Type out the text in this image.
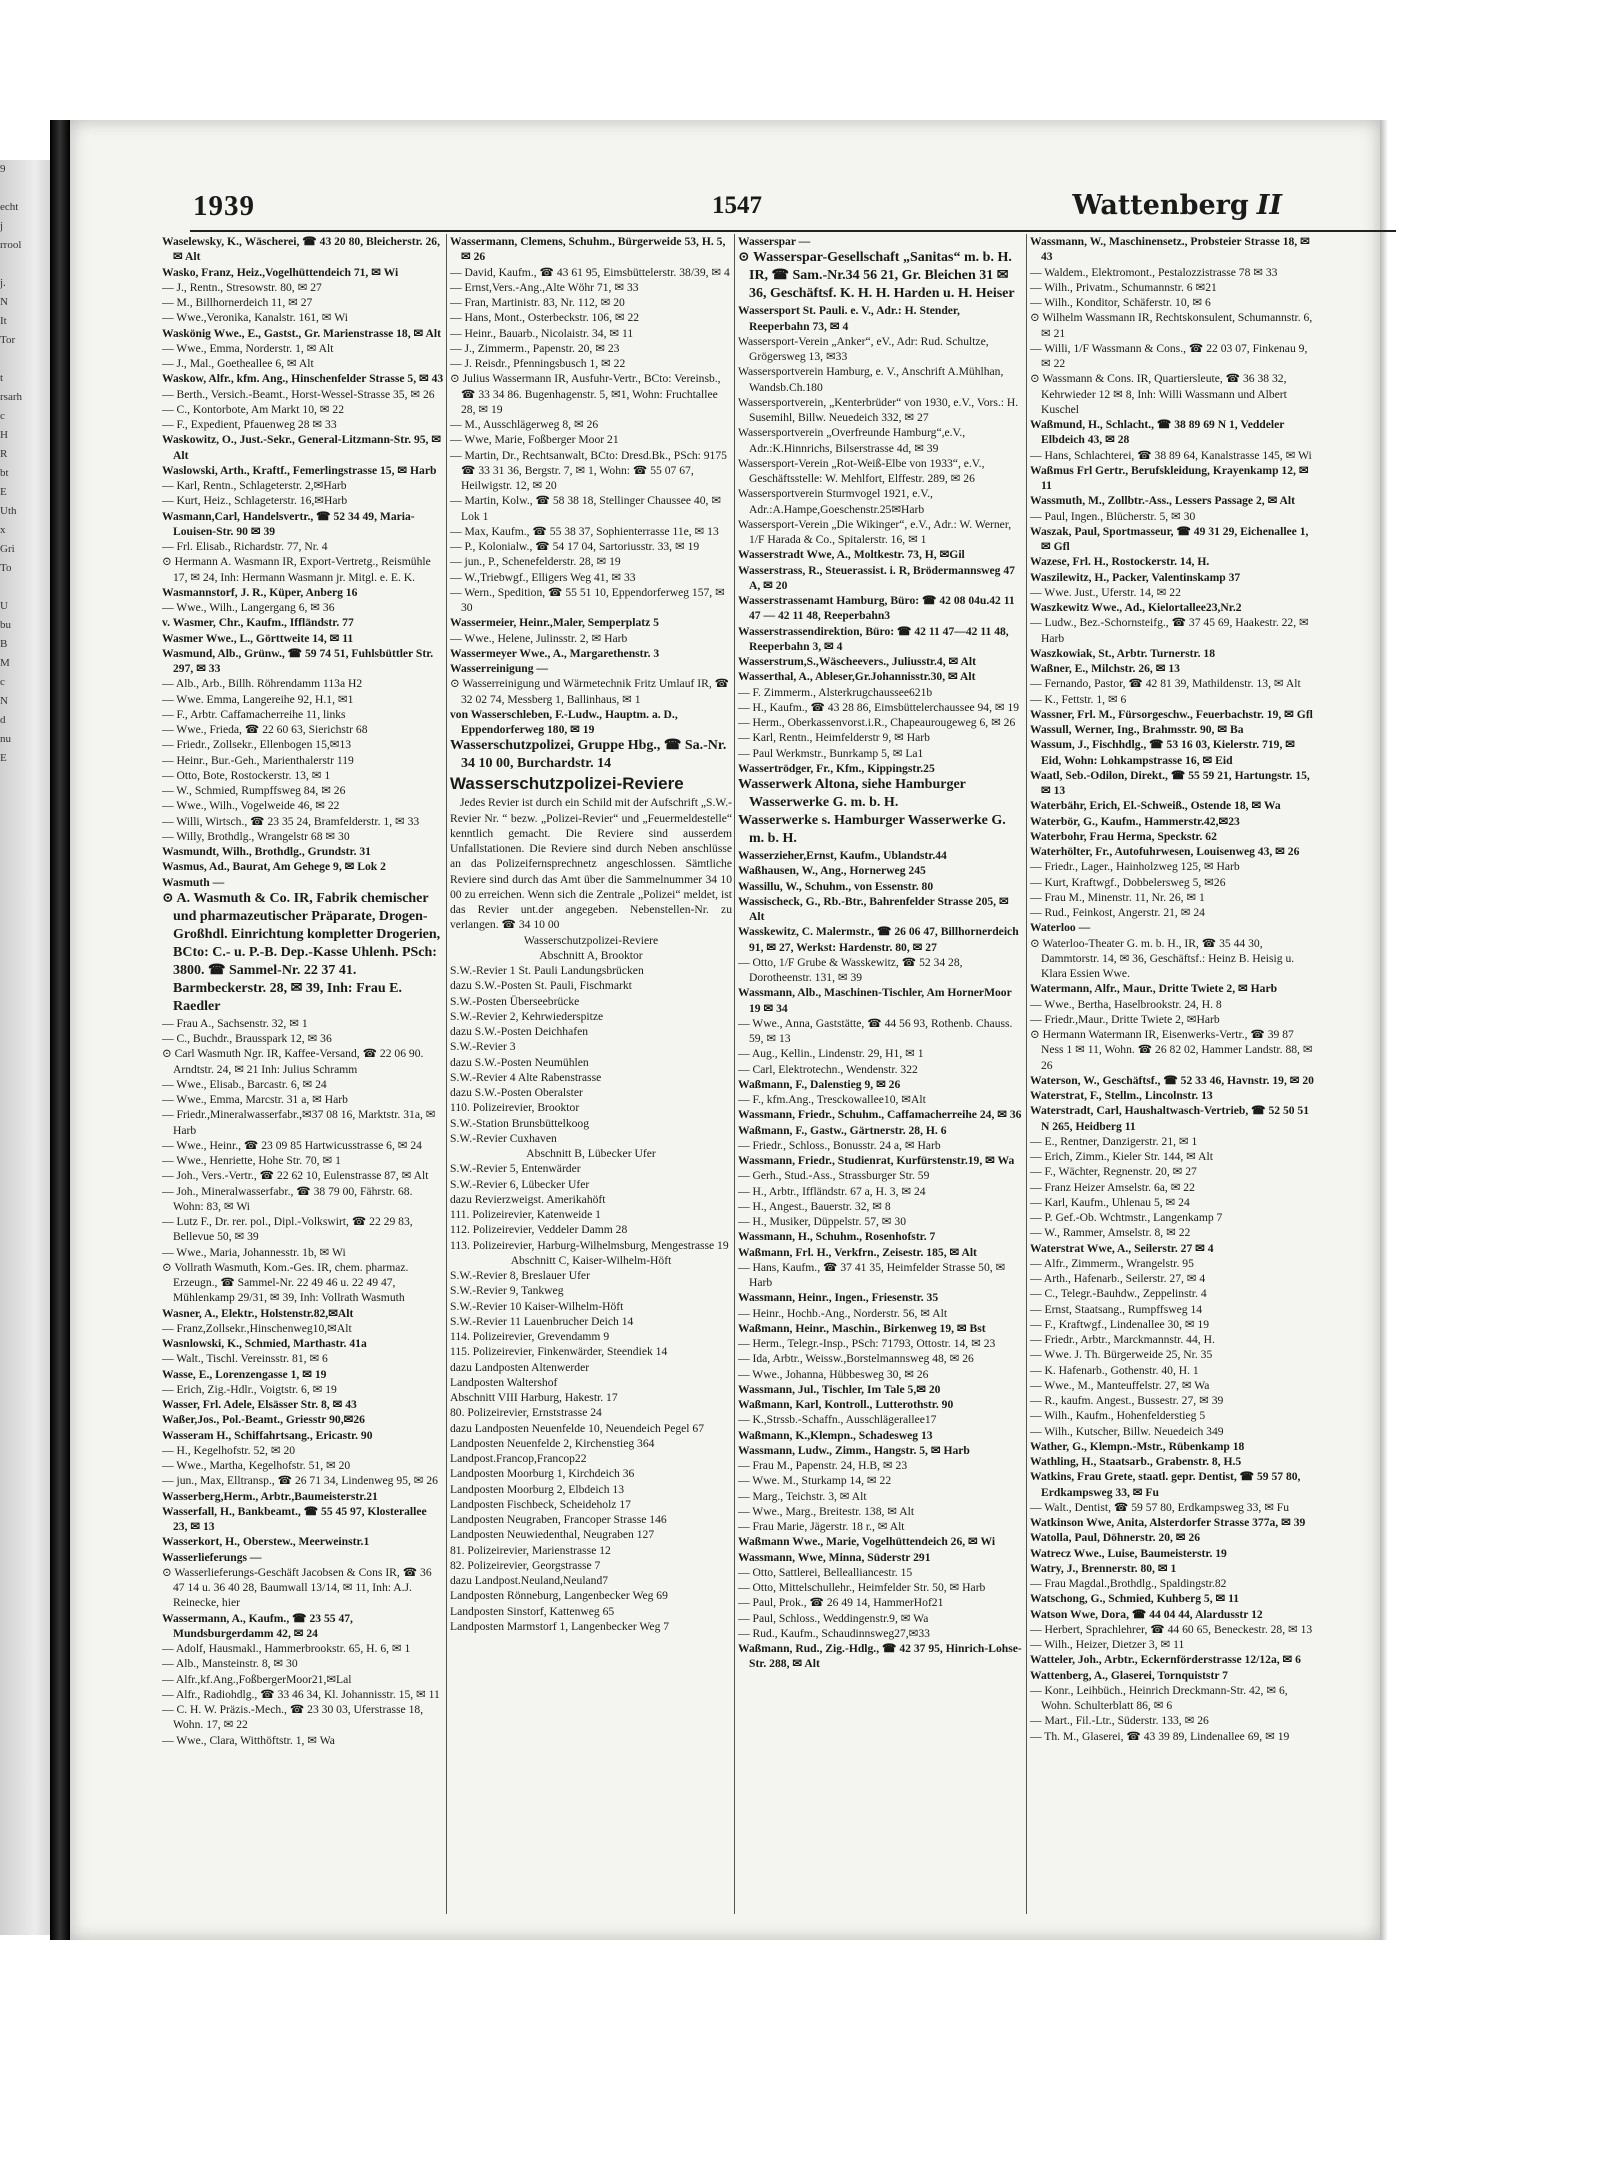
9

echt
j
rrool

j.
N
It
Tor

t
rsarh
c
H
R
bt
E
Uth
x
Gri
To

U
bu
B
M
c
N
d
nu
E
1939	1547	Wattenberg II

Waselewsky, K., Wäscherei, ☎ 43 20 80, Bleicherstr. 26, ✉ Alt

Wasko, Franz, Heiz.,Vogelhüttendeich 71, ✉ Wi

— J., Rentn., Stresowstr. 80, ✉ 27

— M., Billhornerdeich 11, ✉ 27

— Wwe.,Veronika, Kanalstr. 161, ✉ Wi

Waskönig Wwe., E., Gastst., Gr. Marienstrasse 18, ✉ Alt

— Wwe., Emma, Norderstr. 1, ✉ Alt

— J., Mal., Goetheallee 6, ✉ Alt

Waskow, Alfr., kfm. Ang., Hinschenfelder Strasse 5, ✉ 43

— Berth., Versich.-Beamt., Horst-Wessel-Strasse 35, ✉ 26

— C., Kontorbote, Am Markt 10, ✉ 22

— F., Expedient, Pfauenweg 28 ✉ 33

Waskowitz, O., Just.-Sekr., General-Litzmann-Str. 95, ✉ Alt

Waslowski, Arth., Kraftf., Femerlingstrasse 15, ✉ Harb

— Karl, Rentn., Schlageterstr. 2,✉Harb

— Kurt, Heiz., Schlageterstr. 16,✉Harb

Wasmann,Carl, Handelsvertr., ☎ 52 34 49, Maria-Louisen-Str. 90 ✉ 39

— Frl. Elisab., Richardstr. 77, Nr. 4

⊙ Hermann A. Wasmann IR, Export-Vertretg., Reismühle 17, ✉ 24, Inh: Hermann Wasmann jr. Mitgl. e. E. K.

Wasmannstorf, J. R., Küper, Anberg 16

— Wwe., Wilh., Langergang 6, ✉ 36

v. Wasmer, Chr., Kaufm., Iffländstr. 77

Wasmer Wwe., L., Görttweite 14, ✉ 11

Wasmund, Alb., Grünw., ☎ 59 74 51, Fuhlsbüttler Str. 297, ✉ 33

— Alb., Arb., Billh. Röhrendamm 113a H2

— Wwe. Emma, Langereihe 92, H.1, ✉1

— F., Arbtr. Caffamacherreihe 11, links

— Wwe., Frieda, ☎ 22 60 63, Sierichstr 68

— Friedr., Zollsekr., Ellenbogen 15,✉13

— Heinr., Bur.-Geh., Marienthalerstr 119

— Otto, Bote, Rostockerstr. 13, ✉ 1

— W., Schmied, Rumpffsweg 84, ✉ 26

— Wwe., Wilh., Vogelweide 46, ✉ 22

— Willi, Wirtsch., ☎ 23 35 24, Bramfelderstr. 1, ✉ 33

— Willy, Brothdlg., Wrangelstr 68 ✉ 30

Wasmundt, Wilh., Brothdlg., Grundstr. 31

Wasmus, Ad., Baurat, Am Gehege 9, ✉ Lok 2

Wasmuth —

⊙ A. Wasmuth & Co. IR, Fabrik chemischer und pharmazeutischer Präparate, Drogen-Großhdl. Einrichtung kompletter Drogerien, BCto: C.- u. P.-B. Dep.-Kasse Uhlenh. PSch: 3800. ☎ Sammel-Nr. 22 37 41. Barmbeckerstr. 28, ✉ 39, Inh: Frau E. Raedler

— Frau A., Sachsenstr. 32, ✉ 1

— C., Buchdr., Brausspark 12, ✉ 36

⊙ Carl Wasmuth Ngr. IR, Kaffee-Versand, ☎ 22 06 90. Arndtstr. 24, ✉ 21 Inh: Julius Schramm

— Wwe., Elisab., Barcastr. 6, ✉ 24

— Wwe., Emma, Marcstr. 31 a, ✉ Harb

— Friedr.,Mineralwasserfabr.,✉37 08 16, Marktstr. 31a, ✉ Harb

— Wwe., Heinr., ☎ 23 09 85 Hartwicusstrasse 6, ✉ 24

— Wwe., Henriette, Hohe Str. 70, ✉ 1

— Joh., Vers.-Vertr., ☎ 22 62 10, Eulenstrasse 87, ✉ Alt

— Joh., Mineralwasserfabr., ☎ 38 79 00, Fährstr. 68. Wohn: 83, ✉ Wi

— Lutz F., Dr. rer. pol., Dipl.-Volkswirt, ☎ 22 29 83, Bellevue 50, ✉ 39

— Wwe., Maria, Johannesstr. 1b, ✉ Wi

⊙ Vollrath Wasmuth, Kom.-Ges. IR, chem. pharmaz. Erzeugn., ☎ Sammel-Nr. 22 49 46 u. 22 49 47, Mühlenkamp 29/31, ✉ 39, Inh: Vollrath Wasmuth

Wasner, A., Elektr., Holstenstr.82,✉Alt

— Franz,Zollsekr.,Hinschenweg10,✉Alt

Wasnlowski, K., Schmied, Marthastr. 41a

— Walt., Tischl. Vereinsstr. 81, ✉ 6

Wasse, E., Lorenzengasse 1, ✉ 19

— Erich, Zig.-Hdlr., Voigtstr. 6, ✉ 19

Wasser, Frl. Adele, Elsässer Str. 8, ✉ 43

Waßer,Jos., Pol.-Beamt., Griesstr 90,✉26

Wasseram H., Schiffahrtsang., Ericastr. 90

— H., Kegelhofstr. 52, ✉ 20

— Wwe., Martha, Kegelhofstr. 51, ✉ 20

— jun., Max, Elltransp., ☎ 26 71 34, Lindenweg 95, ✉ 26

Wasserberg,Herm., Arbtr.,Baumeisterstr.21

Wasserfall, H., Bankbeamt., ☎ 55 45 97, Klosterallee 23, ✉ 13

Wasserkort, H., Oberstew., Meerweinstr.1

Wasserlieferungs —

⊙ Wasserlieferungs-Geschäft Jacobsen & Cons IR, ☎ 36 47 14 u. 36 40 28, Baumwall 13/14, ✉ 11, Inh: A.J. Reinecke, hier

Wassermann, A., Kaufm., ☎ 23 55 47, Mundsburgerdamm 42, ✉ 24

— Adolf, Hausmakl., Hammerbrookstr. 65, H. 6, ✉ 1

— Alb., Mansteinstr. 8, ✉ 30

— Alfr.,kf.Ang.,FoßbergerMoor21,✉Lal

— Alfr., Radiohdlg., ☎ 33 46 34, Kl. Johannisstr. 15, ✉ 11

— C. H. W. Präzis.-Mech., ☎ 23 30 03, Uferstrasse 18, Wohn. 17, ✉ 22

— Wwe., Clara, Witthöftstr. 1, ✉ Wa

Wassermann, Clemens, Schuhm., Bürgerweide 53, H. 5, ✉ 26

— David, Kaufm., ☎ 43 61 95, Eimsbüttelerstr. 38/39, ✉ 4

— Ernst,Vers.-Ang.,Alte Wöhr 71, ✉ 33

— Fran, Martinistr. 83, Nr. 112, ✉ 20

— Hans, Mont., Osterbeckstr. 106, ✉ 22

— Heinr., Bauarb., Nicolaistr. 34, ✉ 11

— J., Zimmerm., Papenstr. 20, ✉ 23

— J. Reisdr., Pfenningsbusch 1, ✉ 22

⊙ Julius Wassermann IR, Ausfuhr-Vertr., BCto: Vereinsb., ☎ 33 34 86. Bugenhagenstr. 5, ✉1, Wohn: Fruchtallee 28, ✉ 19

— M., Ausschlägerweg 8, ✉ 26

— Wwe, Marie, Foßberger Moor 21

— Martin, Dr., Rechtsanwalt, BCto: Dresd.Bk., PSch: 9175 ☎ 33 31 36, Bergstr. 7, ✉ 1, Wohn: ☎ 55 07 67, Heilwigstr. 12, ✉ 20

— Martin, Kolw., ☎ 58 38 18, Stellinger Chaussee 40, ✉ Lok 1

— Max, Kaufm., ☎ 55 38 37, Sophienterrasse 11e, ✉ 13

— P., Kolonialw., ☎ 54 17 04, Sartoriusstr. 33, ✉ 19

— jun., P., Schenefelderstr. 28, ✉ 19

— W.,Triebwgf., Elligers Weg 41, ✉ 33

— Wern., Spedition, ☎ 55 51 10, Eppendorferweg 157, ✉ 30

Wassermeier, Heinr.,Maler, Semperplatz 5

— Wwe., Helene, Julinsstr. 2, ✉ Harb

Wassermeyer Wwe., A., Margarethenstr. 3

Wasserreinigung —

⊙ Wasserreinigung und Wärmetechnik Fritz Umlauf IR, ☎ 32 02 74, Messberg 1, Ballinhaus, ✉ 1

von Wasserschleben, F.-Ludw., Hauptm. a. D., Eppendorferweg 180, ✉ 19

Wasserschutzpolizei, Gruppe Hbg., ☎ Sa.-Nr. 34 10 00, Burchardstr. 14

Wasserschutzpolizei-Reviere

Jedes Revier ist durch ein Schild mit der Aufschrift „S.W.-Revier Nr. “ bezw. „Polizei-Revier“ und „Feuermeldestelle“ kenntlich gemacht. Die Reviere sind ausserdem Unfallstationen. Die Reviere sind durch Neben anschlüsse an das Polizeifernsprechnetz angeschlossen. Sämtliche Reviere sind durch das Amt über die Sammelnummer 34 10 00 zu erreichen. Wenn sich die Zentrale „Polizei“ meldet, ist das Revier unt.der angegeben. Nebenstellen-Nr. zu verlangen. ☎ 34 10 00

Wasserschutzpolizei-Reviere

Abschnitt A, Brooktor

S.W.-Revier 1 St. Pauli Landungsbrücken

dazu S.W.-Posten St. Pauli, Fischmarkt

S.W.-Posten Überseebrücke

S.W.-Revier 2, Kehrwiederspitze

dazu S.W.-Posten Deichhafen

S.W.-Revier 3

dazu S.W.-Posten Neumühlen

S.W.-Revier 4 Alte Rabenstrasse

dazu S.W.-Posten Oberalster

110. Polizeirevier, Brooktor

S.W.-Station Brunsbüttelkoog

S.W.-Revier Cuxhaven

Abschnitt B, Lübecker Ufer

S.W.-Revier 5, Entenwärder

S.W.-Revier 6, Lübecker Ufer

dazu Revierzweigst. Amerikahöft

111. Polizeirevier, Katenweide 1

112. Polizeirevier, Veddeler Damm 28

113. Polizeirevier, Harburg-Wilhelmsburg, Mengestrasse 19

Abschnitt C, Kaiser-Wilhelm-Höft

S.W.-Revier 8, Breslauer Ufer

S.W.-Revier 9, Tankweg

S.W.-Revier 10 Kaiser-Wilhelm-Höft

S.W.-Revier 11 Lauenbrucher Deich 14

114. Polizeirevier, Grevendamm 9

115. Polizeirevier, Finkenwärder, Steendiek 14

dazu Landposten Altenwerder

Landposten Waltershof

Abschnitt VIII Harburg, Hakestr. 17

80. Polizeirevier, Ernststrasse 24

dazu Landposten Neuenfelde 10, Neuendeich Pegel 67

Landposten Neuenfelde 2, Kirchenstieg 364

Landpost.Francop,Francop22

Landposten Moorburg 1, Kirchdeich 36

Landposten Moorburg 2, Elbdeich 13

Landposten Fischbeck, Scheideholz 17

Landposten Neugraben, Francoper Strasse 146

Landposten Neuwiedenthal, Neugraben 127

81. Polizeirevier, Marienstrasse 12

82. Polizeirevier, Georgstrasse 7

dazu Landpost.Neuland,Neuland7

Landposten Rönneburg, Langenbecker Weg 69

Landposten Sinstorf, Kattenweg 65

Landposten Marmstorf 1, Langenbecker Weg 7

Wasserspar —

⊙ Wasserspar-Gesellschaft „Sanitas“ m. b. H. IR, ☎ Sam.-Nr.34 56 21, Gr. Bleichen 31 ✉36, Geschäftsf. K. H. H. Harden u. H. Heiser

Wassersport St. Pauli. e. V., Adr.: H. Stender, Reeperbahn 73, ✉ 4

Wassersport-Verein „Anker“, eV., Adr: Rud. Schultze, Grögersweg 13, ✉33

Wassersportverein Hamburg, e. V., Anschrift A.Mühlhan, Wandsb.Ch.180

Wassersportverein, „Kenterbrüder“ von 1930, e.V., Vors.: H. Susemihl, Billw. Neuedeich 332, ✉ 27

Wassersportverein „Overfreunde Hamburg“,e.V., Adr.:K.Hinnrichs, Bilserstrasse 4d, ✉ 39

Wassersport-Verein „Rot-Weiß-Elbe von 1933“, e.V., Geschäftsstelle: W. Mehlfort, Elffestr. 289, ✉ 26

Wassersportverein Sturmvogel 1921, e.V., Adr.:A.Hampe,Goeschenstr.25✉Harb

Wassersport-Verein „Die Wikinger“, e.V., Adr.: W. Werner, 1/F Harada & Co., Spitalerstr. 16, ✉ 1

Wasserstradt Wwe, A., Moltkestr. 73, H, ✉Gil

Wasserstrass, R., Steuerassist. i. R, Brödermannsweg 47 A, ✉ 20

Wasserstrassenamt Hamburg, Büro: ☎ 42 08 04u.42 11 47 — 42 11 48, Reeperbahn3

Wasserstrassendirektion, Büro: ☎ 42 11 47—42 11 48, Reeperbahn 3, ✉ 4

Wasserstrum,S.,Wäscheevers., Juliusstr.4, ✉ Alt

Wasserthal, A., Ableser,Gr.Johannisstr.30, ✉ Alt

— F. Zimmerm., Alsterkrugchaussee621b

— H., Kaufm., ☎ 43 28 86, Eimsbüttelerchaussee 94, ✉ 19

— Herm., Oberkassenvorst.i.R., Chapeaurougeweg 6, ✉ 26

— Karl, Rentn., Heimfelderstr 9, ✉ Harb

— Paul Werkmstr., Bunrkamp 5, ✉ La1

Wassertrödger, Fr., Kfm., Kippingstr.25

Wasserwerk Altona, siehe Hamburger Wasserwerke G. m. b. H.

Wasserwerke s. Hamburger Wasserwerke G. m. b. H.

Wasserzieher,Ernst, Kaufm., Ublandstr.44

Waßhausen, W., Ang., Hornerweg 245

Wassillu, W., Schuhm., von Essenstr. 80

Wassischeck, G., Rb.-Btr., Bahrenfelder Strasse 205, ✉ Alt

Wasskewitz, C. Malermstr., ☎ 26 06 47, Billhornerdeich 91, ✉ 27, Werkst: Hardenstr. 80, ✉ 27

— Otto, 1/F Grube & Wasskewitz, ☎ 52 34 28, Dorotheenstr. 131, ✉ 39

Wassmann, Alb., Maschinen-Tischler, Am HornerMoor 19 ✉ 34

— Wwe., Anna, Gaststätte, ☎ 44 56 93, Rothenb. Chauss. 59, ✉ 13

— Aug., Kellin., Lindenstr. 29, H1, ✉ 1

— Carl, Elektrotechn., Wendenstr. 322

Waßmann, F., Dalenstieg 9, ✉ 26

— F., kfm.Ang., Tresckowallee10, ✉Alt

Wassmann, Friedr., Schuhm., Caffamacherreihe 24, ✉ 36

Waßmann, F., Gastw., Gärtnerstr. 28, H. 6

— Friedr., Schloss., Bonusstr. 24 a, ✉ Harb

Wassmann, Friedr., Studienrat, Kurfürstenstr.19, ✉ Wa

— Gerh., Stud.-Ass., Strassburger Str. 59

— H., Arbtr., Iffländstr. 67 a, H. 3, ✉ 24

— H., Angest., Bauerstr. 32, ✉ 8

— H., Musiker, Düppelstr. 57, ✉ 30

Wassmann, H., Schuhm., Rosenhofstr. 7

Waßmann, Frl. H., Verkfrn., Zeisestr. 185, ✉ Alt

— Hans, Kaufm., ☎ 37 41 35, Heimfelder Strasse 50, ✉ Harb

Wassmann, Heinr., Ingen., Friesenstr. 35

— Heinr., Hochb.-Ang., Norderstr. 56, ✉ Alt

Waßmann, Heinr., Maschin., Birkenweg 19, ✉ Bst

— Herm., Telegr.-Insp., PSch: 71793, Ottostr. 14, ✉ 23

— Ida, Arbtr., Weissw.,Borstelmannsweg 48, ✉ 26

— Wwe., Johanna, Hübbesweg 30, ✉ 26

Wassmann, Jul., Tischler, Im Tale 5,✉ 20

Waßmann, Karl, Kontroll., Lutterothstr. 90

— K.,Strssb.-Schaffn., Ausschlägerallee17

Waßmann, K.,Klempn., Schadesweg 13

Wassmann, Ludw., Zimm., Hangstr. 5, ✉ Harb

— Frau M., Papenstr. 24, H.B, ✉ 23

— Wwe. M., Sturkamp 14, ✉ 22

— Marg., Teichstr. 3, ✉ Alt

— Wwe., Marg., Breitestr. 138, ✉ Alt

— Frau Marie, Jägerstr. 18 r., ✉ Alt

Waßmann Wwe., Marie, Vogelhüttendeich 26, ✉ Wi

Wassmann, Wwe, Minna, Süderstr 291

— Otto, Sattlerei, Bellealliancestr. 15

— Otto, Mittelschullehr., Heimfelder Str. 50, ✉ Harb

— Paul, Prok., ☎ 26 49 14, HammerHof21

— Paul, Schloss., Weddingenstr.9, ✉ Wa

— Rud., Kaufm., Schaudinnsweg27,✉33

Waßmann, Rud., Zig.-Hdlg., ☎ 42 37 95, Hinrich-Lohse-Str. 288, ✉ Alt

Wassmann, W., Maschinensetz., Probsteier Strasse 18, ✉ 43

— Waldem., Elektromont., Pestalozzistrasse 78 ✉ 33

— Wilh., Privatm., Schumannstr. 6 ✉21

— Wilh., Konditor, Schäferstr. 10, ✉ 6

⊙ Wilhelm Wassmann IR, Rechtskonsulent, Schumannstr. 6, ✉ 21

— Willi, 1/F Wassmann & Cons., ☎ 22 03 07, Finkenau 9, ✉ 22

⊙ Wassmann & Cons. IR, Quartiersleute, ☎ 36 38 32, Kehrwieder 12 ✉ 8, Inh: Willi Wassmann und Albert Kuschel

Waßmund, H., Schlacht., ☎ 38 89 69 N 1, Veddeler Elbdeich 43, ✉ 28

— Hans, Schlachterei, ☎ 38 89 64, Kanalstrasse 145, ✉ Wi

Waßmus Frl Gertr., Berufskleidung, Krayenkamp 12, ✉ 11

Wassmuth, M., Zollbtr.-Ass., Lessers Passage 2, ✉ Alt

— Paul, Ingen., Blücherstr. 5, ✉ 30

Waszak, Paul, Sportmasseur, ☎ 49 31 29, Eichenallee 1, ✉ Gfl

Wazese, Frl. H., Rostockerstr. 14, H.

Waszilewitz, H., Packer, Valentinskamp 37

— Wwe. Just., Uferstr. 14, ✉ 22

Waszkewitz Wwe., Ad., Kielortallee23,Nr.2

— Ludw., Bez.-Schornsteifg., ☎ 37 45 69, Haakestr. 22, ✉ Harb

Waszkowiak, St., Arbtr. Turnerstr. 18

Waßner, E., Milchstr. 26, ✉ 13

— Fernando, Pastor, ☎ 42 81 39, Mathildenstr. 13, ✉ Alt

— K., Fettstr. 1, ✉ 6

Wassner, Frl. M., Fürsorgeschw., Feuerbachstr. 19, ✉ Gfl

Wassull, Werner, Ing., Brahmsstr. 90, ✉ Ba

Wassum, J., Fischhdlg., ☎ 53 16 03, Kielerstr. 719, ✉Eid, Wohn: Lohkampstrasse 16, ✉ Eid

Waatl, Seb.-Odilon, Direkt., ☎ 55 59 21, Hartungstr. 15, ✉ 13

Waterbähr, Erich, El.-Schweiß., Ostende 18, ✉ Wa

Waterbör, G., Kaufm., Hammerstr.42,✉23

Waterbohr, Frau Herma, Speckstr. 62

Waterhölter, Fr., Autofuhrwesen, Louisenweg 43, ✉ 26

— Friedr., Lager., Hainholzweg 125, ✉ Harb

— Kurt, Kraftwgf., Dobbelersweg 5, ✉26

— Frau M., Minenstr. 11, Nr. 26, ✉ 1

— Rud., Feinkost, Angerstr. 21, ✉ 24

Waterloo —

⊙ Waterloo-Theater G. m. b. H., IR, ☎ 35 44 30, Dammtorstr. 14, ✉ 36, Geschäftsf.: Heinz B. Heisig u. Klara Essien Wwe.

Watermann, Alfr., Maur., Dritte Twiete 2, ✉ Harb

— Wwe., Bertha, Haselbrookstr. 24, H. 8

— Friedr.,Maur., Dritte Twiete 2, ✉Harb

⊙ Hermann Watermann IR, Eisenwerks-Vertr., ☎ 39 87 Ness 1 ✉ 11, Wohn. ☎ 26 82 02, Hammer Landstr. 88, ✉26

Waterson, W., Geschäftsf., ☎ 52 33 46, Havnstr. 19, ✉ 20

Waterstrat, F., Stellm., Lincolnstr. 13

Waterstradt, Carl, Haushaltwasch-Vertrieb, ☎ 52 50 51 N 265, Heidberg 11

— E., Rentner, Danzigerstr. 21, ✉ 1

— Erich, Zimm., Kieler Str. 144, ✉ Alt

— F., Wächter, Regnenstr. 20, ✉ 27

— Franz Heizer Amselstr. 6a, ✉ 22

— Karl, Kaufm., Uhlenau 5, ✉ 24

— P. Gef.-Ob. Wchtmstr., Langenkamp 7

— W., Rammer, Amselstr. 8, ✉ 22

Waterstrat Wwe, A., Seilerstr. 27 ✉ 4

— Alfr., Zimmerm., Wrangelstr. 95

— Arth., Hafenarb., Seilerstr. 27, ✉ 4

— C., Telegr.-Bauhdw., Zeppelinstr. 4

— Ernst, Staatsang., Rumpffsweg 14

— F., Kraftwgf., Lindenallee 30, ✉ 19

— Friedr., Arbtr., Marckmannstr. 44, H.

— Wwe. J. Th. Bürgerweide 25, Nr. 35

— K. Hafenarb., Gothenstr. 40, H. 1

— Wwe., M., Manteuffelstr. 27, ✉ Wa

— R., kaufm. Angest., Bussestr. 27, ✉ 39

— Wilh., Kaufm., Hohenfelderstieg 5

— Wilh., Kutscher, Billw. Neuedeich 349

Wather, G., Klempn.-Mstr., Rübenkamp 18

Wathling, H., Staatsarb., Grabenstr. 8, H.5

Watkins, Frau Grete, staatl. gepr. Dentist, ☎ 59 57 80, Erdkampsweg 33, ✉ Fu

— Walt., Dentist, ☎ 59 57 80, Erdkampsweg 33, ✉ Fu

Watkinson Wwe, Anita, Alsterdorfer Strasse 377a, ✉ 39

Watolla, Paul, Döhnerstr. 20, ✉ 26

Watrecz Wwe., Luise, Baumeisterstr. 19

Watry, J., Brennerstr. 80, ✉ 1

— Frau Magdal.,Brothdlg., Spaldingstr.82

Watschong, G., Schmied, Kuhberg 5, ✉ 11

Watson Wwe, Dora, ☎ 44 04 44, Alardusstr 12

— Herbert, Sprachlehrer, ☎ 44 60 65, Beneckestr. 28, ✉ 13

— Wilh., Heizer, Dietzer 3, ✉ 11

Watteler, Joh., Arbtr., Eckernförderstrasse 12/12a, ✉ 6

Wattenberg, A., Glaserei, Tornquiststr 7

— Konr., Leihbüch., Heinrich Dreckmann-Str. 42, ✉ 6, Wohn. Schulterblatt 86, ✉ 6

— Mart., Fil.-Ltr., Süderstr. 133, ✉ 26

— Th. M., Glaserei, ☎ 43 39 89, Lindenallee 69, ✉ 19
